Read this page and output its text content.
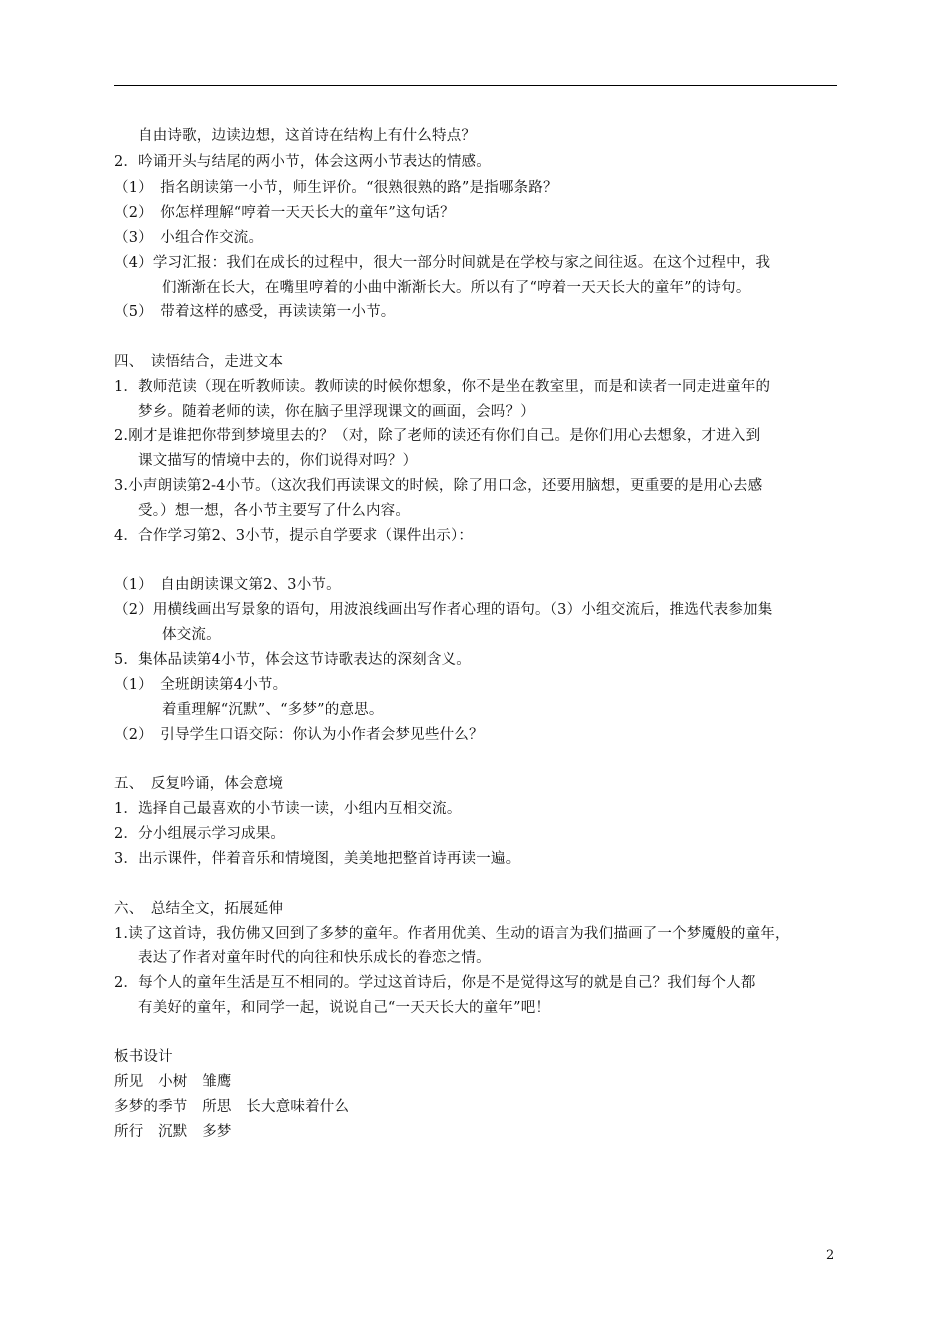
自由诗歌，边读边想，这首诗在结构上有什么特点？
2．吟诵开头与结尾的两小节，体会这两小节表达的情感。
（1）　指名朗读第一小节，师生评价。“很熟很熟的路”是指哪条路？
（2）　你怎样理解“哼着一天天长大的童年”这句话？
（3）　小组合作交流。
（4）学习汇报：我们在成长的过程中，很大一部分时间就是在学校与家之间往返。在这个过程中，我
们渐渐在长大，在嘴里哼着的小曲中渐渐长大。所以有了“哼着一天天长大的童年”的诗句。
（5）　带着这样的感受，再读读第一小节。
四、　读悟结合，走进文本
1．教师范读（现在听教师读。教师读的时候你想象，你不是坐在教室里，而是和读者一同走进童年的
梦乡。随着老师的读，你在脑子里浮现课文的画面，会吗？）
2.刚才是谁把你带到梦境里去的？（对，除了老师的读还有你们自己。是你们用心去想象，才进入到
课文描写的情境中去的，你们说得对吗？）
3.小声朗读第2-4小节。（这次我们再读课文的时候，除了用口念，还要用脑想，更重要的是用心去感
受。）想一想，各小节主要写了什么内容。
4．合作学习第2、3小节，提示自学要求（课件出示）：
（1）　自由朗读课文第2、3小节。
（2）用横线画出写景象的语句，用波浪线画出写作者心理的语句。（3）小组交流后，推选代表参加集
体交流。
5．集体品读第4小节，体会这节诗歌表达的深刻含义。
（1）　全班朗读第4小节。
着重理解“沉默”、“多梦”的意思。
（2）　引导学生口语交际：你认为小作者会梦见些什么？
五、　反复吟诵，体会意境
1．选择自己最喜欢的小节读一读，小组内互相交流。
2．分小组展示学习成果。
3．出示课件，伴着音乐和情境图，美美地把整首诗再读一遍。
六、　总结全文，拓展延伸
1.读了这首诗，我仿佛又回到了多梦的童年。作者用优美、生动的语言为我们描画了一个梦魇般的童年，
表达了作者对童年时代的向往和快乐成长的眷恋之情。
2．每个人的童年生活是互不相同的。学过这首诗后，你是不是觉得这写的就是自己？我们每个人都
有美好的童年，和同学一起，说说自己“一天天长大的童年”吧！
板书设计
所见　小树　雏鹰
多梦的季节　所思　长大意味着什么
所行　沉默　多梦
2
